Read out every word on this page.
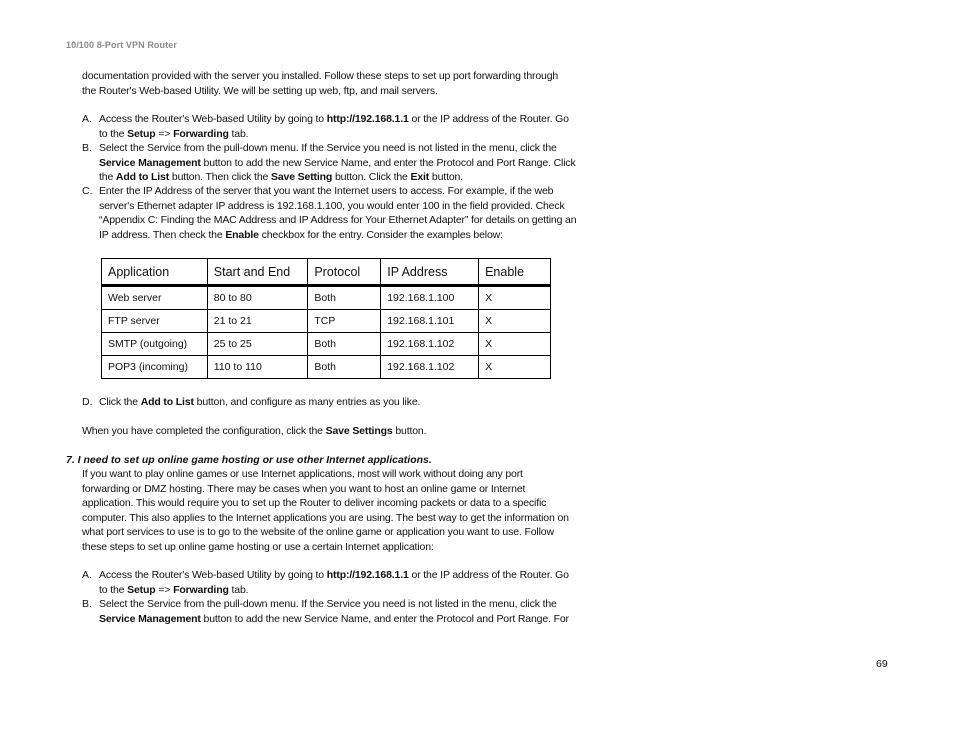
10/100 8-Port VPN Router
documentation provided with the server you installed. Follow these steps to set up port forwarding through
the Router's Web-based Utility. We will be setting up web, ftp, and mail servers.
A. Access the Router's Web-based Utility by going to http://192.168.1.1 or the IP address of the Router. Go
to the Setup => Forwarding tab.
B. Select the Service from the pull-down menu. If the Service you need is not listed in the menu, click the
Service Management button to add the new Service Name, and enter the Protocol and Port Range. Click
the Add to List button. Then click the Save Setting button. Click the Exit button.
C. Enter the IP Address of the server that you want the Internet users to access. For example, if the web
server's Ethernet adapter IP address is 192.168.1.100, you would enter 100 in the field provided. Check
“Appendix C: Finding the MAC Address and IP Address for Your Ethernet Adapter” for details on getting an
IP address. Then check the Enable checkbox for the entry. Consider the examples below:
Application	Start and End	Protocol	IP Address	Enable
Web server	80 to 80	Both	192.168.1.100	X
FTP server	21 to 21	TCP	192.168.1.101	X
SMTP (outgoing)	25 to 25	Both	192.168.1.102	X
POP3 (incoming)	110 to 110	Both	192.168.1.102	X
D. Click the Add to List button, and configure as many entries as you like.
When you have completed the configuration, click the Save Settings button.
7. I need to set up online game hosting or use other Internet applications.
If you want to play online games or use Internet applications, most will work without doing any port
forwarding or DMZ hosting. There may be cases when you want to host an online game or Internet
application. This would require you to set up the Router to deliver incoming packets or data to a specific
computer. This also applies to the Internet applications you are using. The best way to get the information on
what port services to use is to go to the website of the online game or application you want to use. Follow
these steps to set up online game hosting or use a certain Internet application:
A. Access the Router's Web-based Utility by going to http://192.168.1.1 or the IP address of the Router. Go
to the Setup => Forwarding tab.
B. Select the Service from the pull-down menu. If the Service you need is not listed in the menu, click the
Service Management button to add the new Service Name, and enter the Protocol and Port Range. For
69
